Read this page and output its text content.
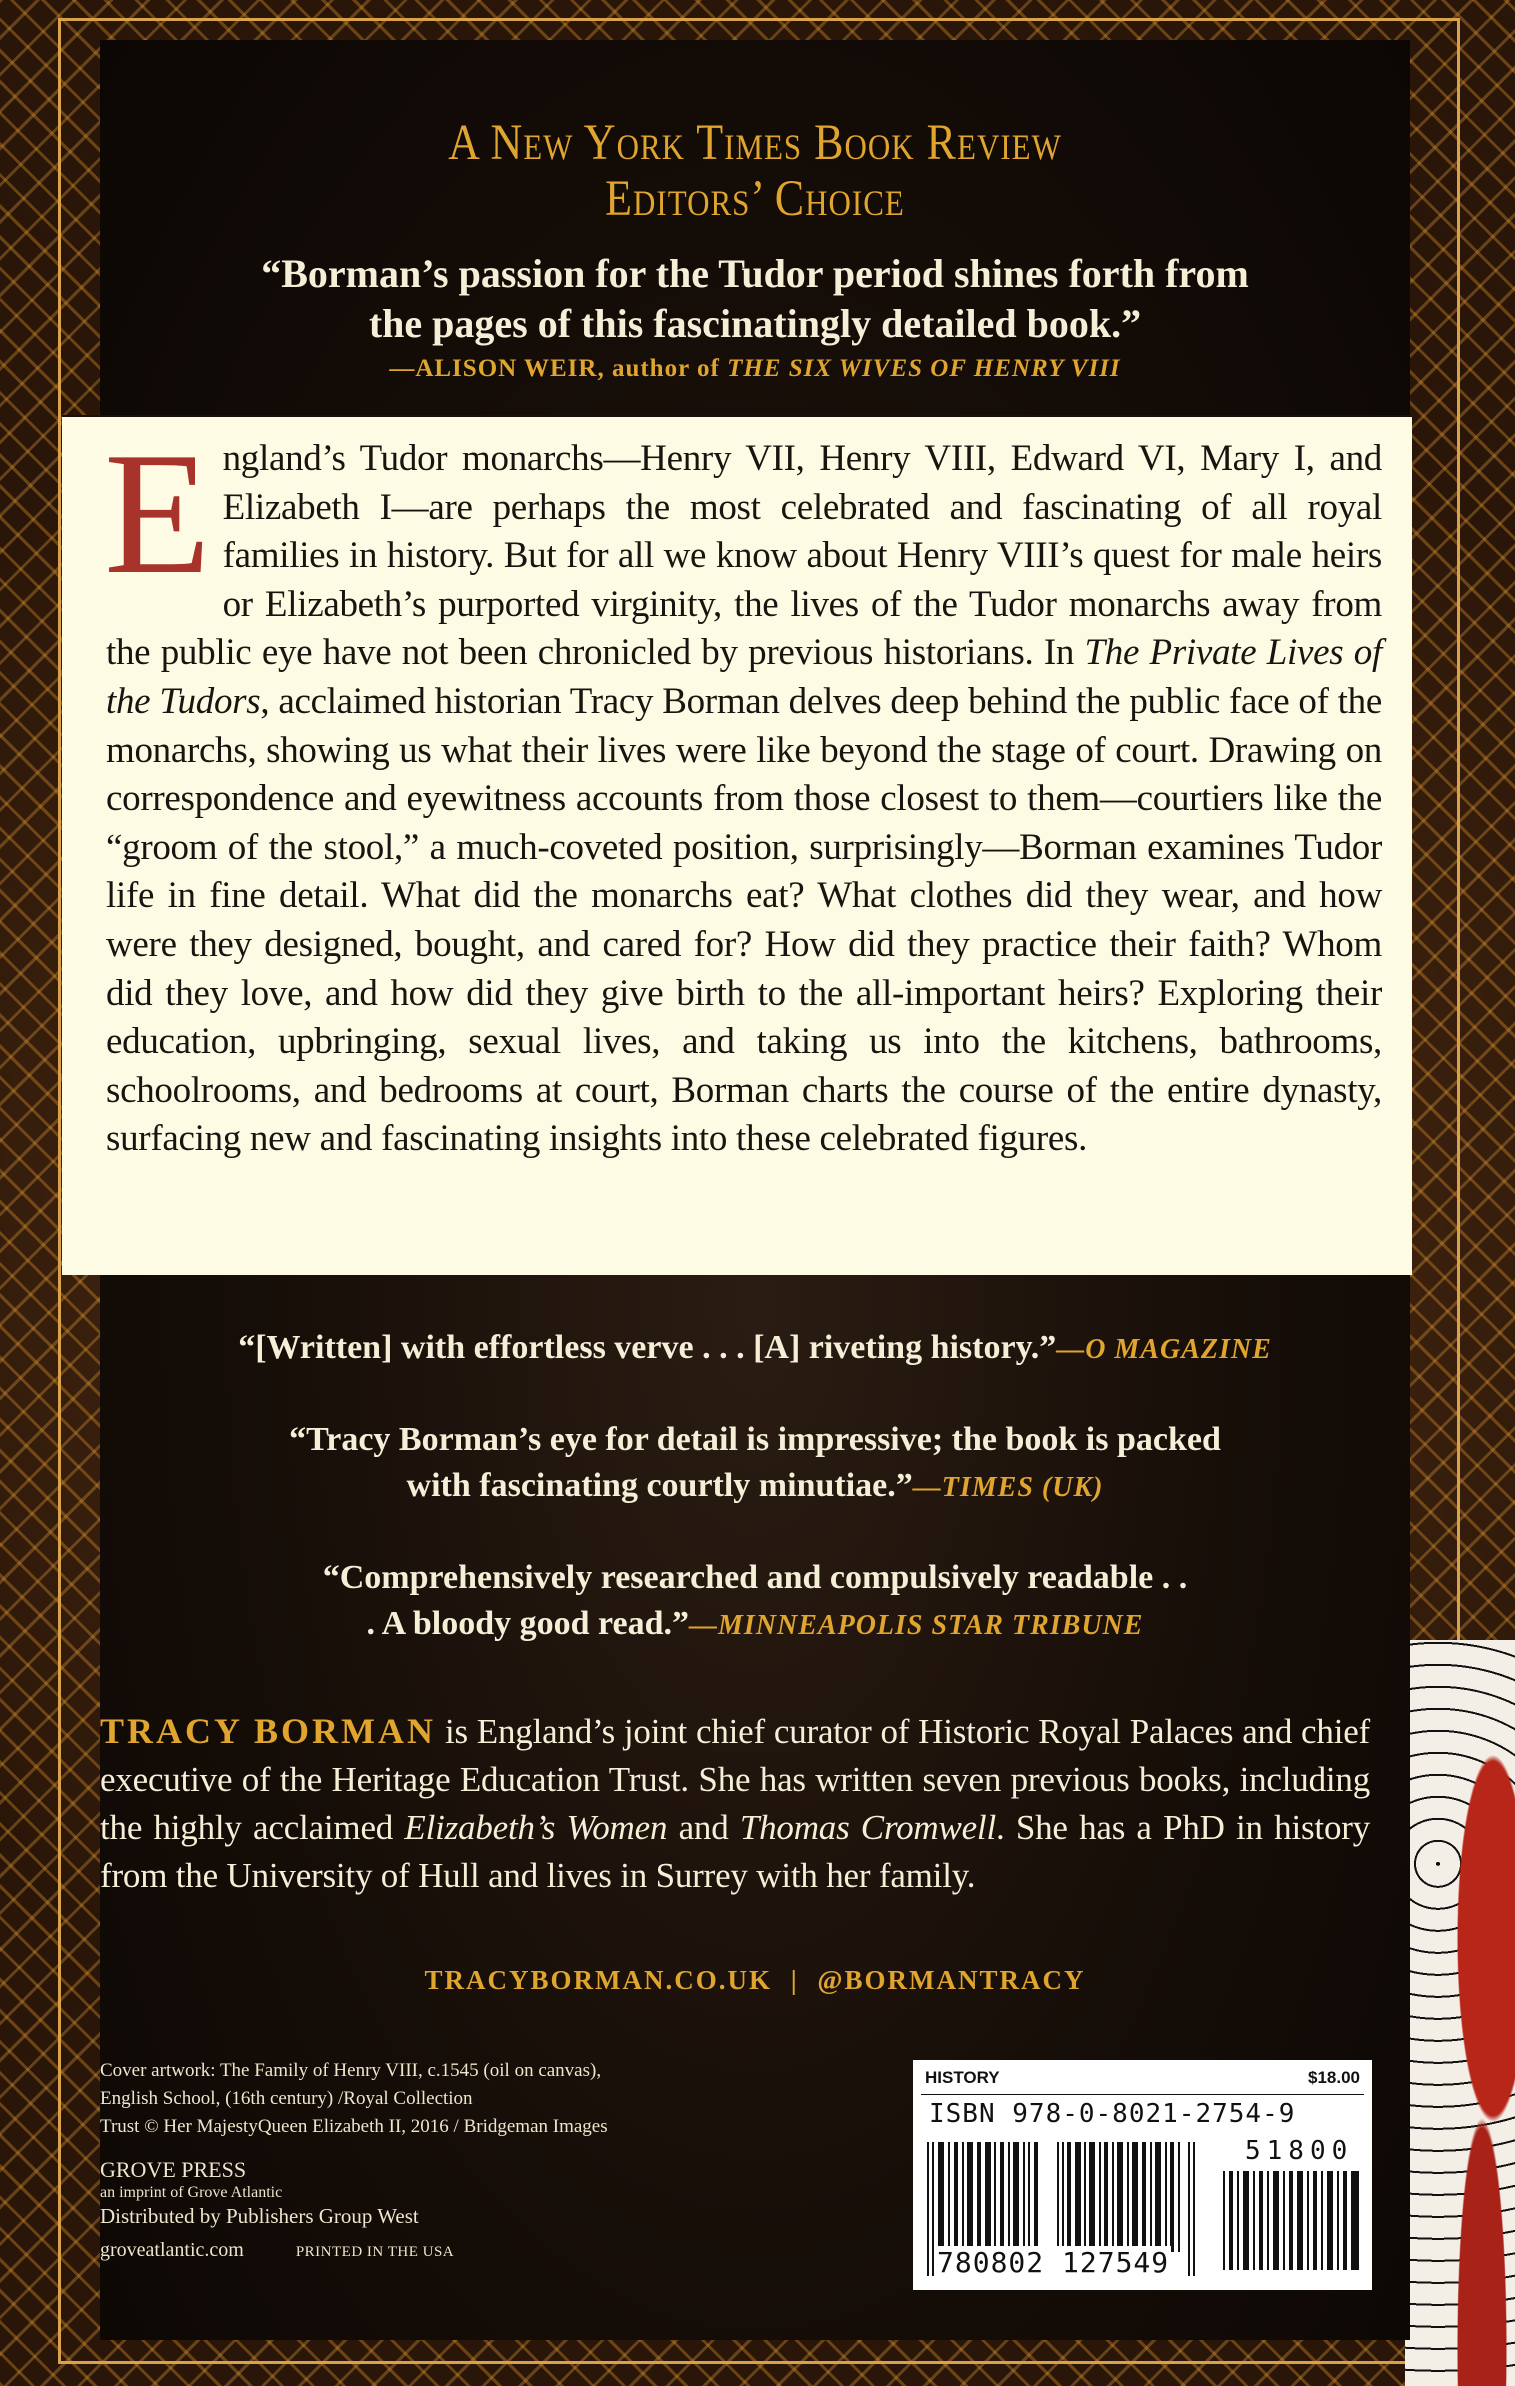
A New York Times Book Review
Editors’ Choice
“Borman’s passion for the Tudor period shines forth from the pages of this fascinatingly detailed book.”
—ALISON WEIR, author of THE SIX WIVES OF HENRY VIII
“[Written] with effortless verve . . . [A] riveting history.”—O MAGAZINE
“Tracy Borman’s eye for detail is impressive; the book is packed with fascinating courtly minutiae.”—TIMES (UK)
“Comprehensively researched and compulsively readable . . . A bloody good read.”—MINNEAPOLIS STAR TRIBUNE
TRACY BORMAN is England’s joint chief curator of Historic Royal Palaces and chief executive of the Heritage Education Trust. She has written seven previous books, including the highly acclaimed Elizabeth’s Women and Thomas Cromwell. She has a PhD in history from the University of Hull and lives in Surrey with her family.
TRACYBORMAN.CO.UK | @BORMANTRACY
Cover artwork: The Family of Henry VIII, c.1545 (oil on canvas),
English School, (16th century) /Royal Collection
Trust © Her MajestyQueen Elizabeth II, 2016 / Bridgeman Images
GROVE PRESS
an imprint of Grove Atlantic
Distributed by Publishers Group West
groveatlantic.com	PRINTED IN THE USA
HISTORY	$18.00
ISBN 978-0-8021-2754-9
51800
780802 127549

England’s Tudor monarchs—Henry VII, Henry VIII, Edward VI, Mary I, and Elizabeth I—are perhaps the most celebrated and fascinating of all royal families in history. But for all we know about Henry VIII’s quest for male heirs or Elizabeth’s purported virginity, the lives of the Tudor monarchs away from the public eye have not been chronicled by previous historians. In The Private Lives of the Tudors, acclaimed historian Tracy Borman delves deep behind the public face of the monarchs, showing us what their lives were like beyond the stage of court. Drawing on correspondence and eyewitness accounts from those closest to them—courtiers like the “groom of the stool,” a much-coveted position, surprisingly—Borman examines Tudor life in fine detail. What did the monarchs eat? What clothes did they wear, and how were they designed, bought, and cared for? How did they practice their faith? Whom did they love, and how did they give birth to the all-important heirs? Exploring their education, upbringing, sexual lives, and taking us into the kitchens, bathrooms, schoolrooms, and bedrooms at court, Borman charts the course of the entire dynasty, surfacing new and fascinating insights into these celebrated figures.
